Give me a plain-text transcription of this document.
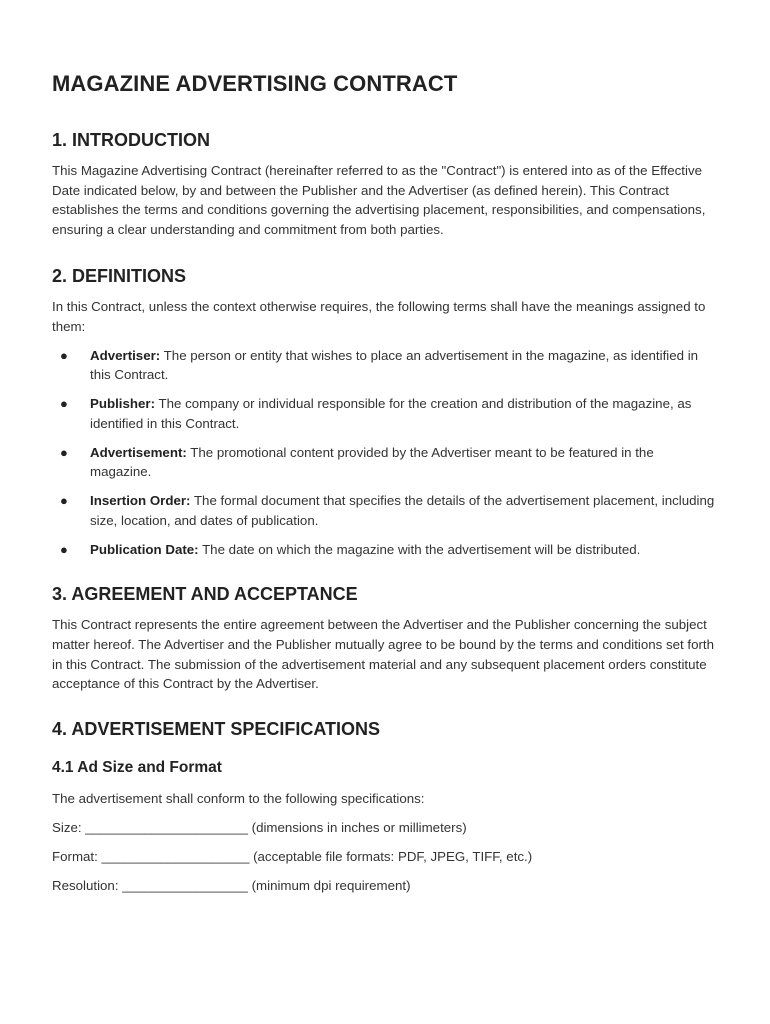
MAGAZINE ADVERTISING CONTRACT
1. INTRODUCTION

This Magazine Advertising Contract (hereinafter referred to as the "Contract") is entered into as of the Effective Date indicated below, by and between the Publisher and the Advertiser (as defined herein). This Contract establishes the terms and conditions governing the advertising placement, responsibilities, and compensations, ensuring a clear understanding and commitment from both parties.

2. DEFINITIONS

In this Contract, unless the context otherwise requires, the following terms shall have the meanings assigned to them:

● Advertiser: The person or entity that wishes to place an advertisement in the magazine, as identified in this Contract.
● Publisher: The company or individual responsible for the creation and distribution of the magazine, as identified in this Contract.
● Advertisement: The promotional content provided by the Advertiser meant to be featured in the magazine.
● Insertion Order: The formal document that specifies the details of the advertisement placement, including size, location, and dates of publication.
● Publication Date: The date on which the magazine with the advertisement will be distributed.
3. AGREEMENT AND ACCEPTANCE

This Contract represents the entire agreement between the Advertiser and the Publisher concerning the subject matter hereof. The Advertiser and the Publisher mutually agree to be bound by the terms and conditions set forth in this Contract. The submission of the advertisement material and any subsequent placement orders constitute acceptance of this Contract by the Advertiser.

4. ADVERTISEMENT SPECIFICATIONS
4.1 Ad Size and Format

The advertisement shall conform to the following specifications:

Size: ______________________ (dimensions in inches or millimeters)
Format: ____________________ (acceptable file formats: PDF, JPEG, TIFF, etc.)
Resolution: _________________ (minimum dpi requirement)
